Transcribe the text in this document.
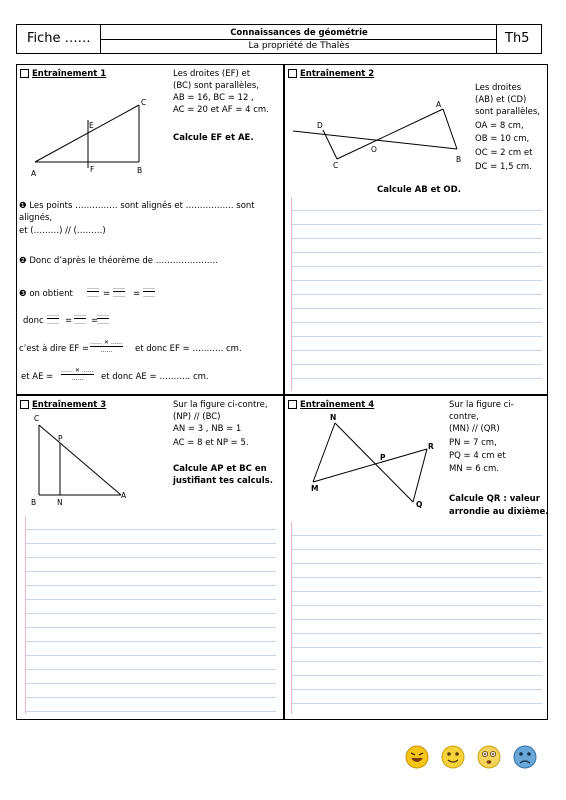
Fiche ……	Connaissances de géométrie
La propriété de Thalès	Th5
Entraînement 1
A	B
C
E
F
Les droites (EF) et
(BC) sont parallèles,
AB = 16, BC = 12 ,
AC = 20 et AF = 4 cm.
Calcule EF et AE.
❶ Les points …………… sont alignés et …………….. sont
alignés,
et (………) // (………)
❷ Donc d’après le théorème de ………………….
❸ on obtient
……
…… =
……
…… =
……
……
donc
……
…… =
……
…… =
……
……
c’est à dire EF =
…… ✕ ……
……	et donc EF = ……….. cm.
et AE =
…… ✕ ……
……	et donc AE = ……….. cm.
Entraînement 2
D
C
O
A
B
Les droites
(AB) et (CD)
sont parallèles,
OA = 8 cm,
OB = 10 cm,
OC = 2 cm et
DC = 1,5 cm.
Calcule AB et OD.
Entraînement 3
C
P
B	N
A
Sur la figure ci-contre,
(NP) // (BC)
AN = 3 , NB = 1
AC = 8 et NP = 5.
Calcule AP et BC en
justifiant tes calculs.
Entraînement 4
N
P
R
M
Q
Sur la figure ci-
contre,
(MN) // (QR)
PN = 7 cm,
PQ = 4 cm et
MN = 6 cm.
Calcule QR : valeur
arrondie au dixième.
